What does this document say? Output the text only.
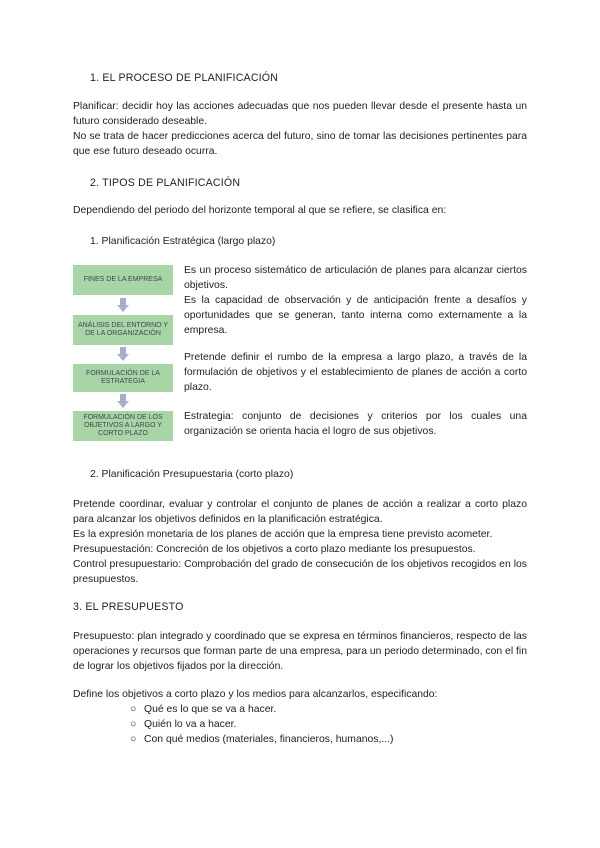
1. EL PROCESO DE PLANIFICACIÓN
Planificar: decidir hoy las acciones adecuadas que nos pueden llevar desde el presente hasta un futuro considerado deseable.
No se trata de hacer predicciones acerca del futuro, sino de tomar las decisiones pertinentes para que ese futuro deseado ocurra.
2. TIPOS DE PLANIFICACIÓN
Dependiendo del periodo del horizonte temporal al que se refiere, se clasifica en:
1. Planificación Estratégica (largo plazo)
FINES DE LA EMPRESA
ANÁLISIS DEL ENTORNO Y DE LA ORGANIZACIÓN
FORMULACIÓN DE LA ESTRATEGIA
FORMULACIÓN DE LOS OBJETIVOS A LARGO Y CORTO PLAZO
Es un proceso sistemático de articulación de planes para alcanzar ciertos objetivos.
Es la capacidad de observación y de anticipación frente a desafíos y oportunidades que se generan, tanto interna como externamente a la empresa.
Pretende definir el rumbo de la empresa a largo plazo, a través de la formulación de objetivos y el establecimiento de planes de acción a corto plazo.
Estrategia: conjunto de decisiones y criterios por los cuales una organización se orienta hacia el logro de sus objetivos.
2. Planificación Presupuestaria (corto plazo)
Pretende coordinar, evaluar y controlar el conjunto de planes de acción a realizar a corto plazo para alcanzar los objetivos definidos en la planificación estratégica.
Es la expresión monetaria de los planes de acción que la empresa tiene previsto acometer.
Presupuestación: Concreción de los objetivos a corto plazo mediante los presupuestos.
Control presupuestario: Comprobación del grado de consecución de los objetivos recogidos en los presupuestos.
3. EL PRESUPUESTO
Presupuesto: plan integrado y coordinado que se expresa en términos financieros, respecto de las operaciones y recursos que forman parte de una empresa, para un periodo determinado, con el fin de lograr los objetivos fijados por la dirección.
Define los objetivos a corto plazo y los medios para alcanzarlos, especificando:
○ Qué es lo que se va a hacer.
○ Quién lo va a hacer.
○ Con qué medios (materiales, financieros, humanos,...)
